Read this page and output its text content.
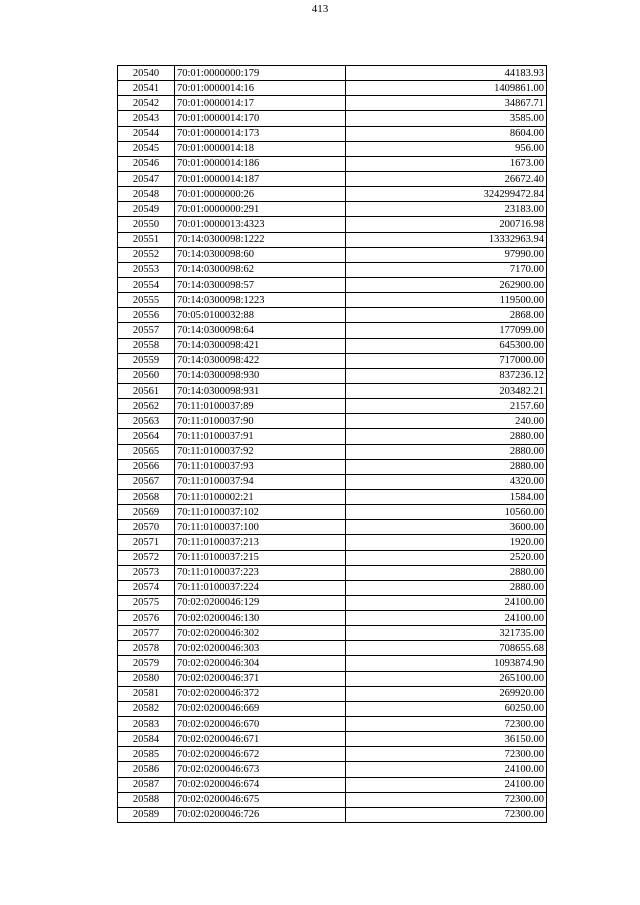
413
20540	70:01:0000000:179	44183.93
20541	70:01:0000014:16	1409861.00
20542	70:01:0000014:17	34867.71
20543	70:01:0000014:170	3585.00
20544	70:01:0000014:173	8604.00
20545	70:01:0000014:18	956.00
20546	70:01:0000014:186	1673.00
20547	70:01:0000014:187	26672.40
20548	70:01:0000000:26	324299472.84
20549	70:01:0000000:291	23183.00
20550	70:01:0000013:4323	200716.98
20551	70:14:0300098:1222	13332963.94
20552	70:14:0300098:60	97990.00
20553	70:14:0300098:62	7170.00
20554	70:14:0300098:57	262900.00
20555	70:14:0300098:1223	119500.00
20556	70:05:0100032:88	2868.00
20557	70:14:0300098:64	177099.00
20558	70:14:0300098:421	645300.00
20559	70:14:0300098:422	717000.00
20560	70:14:0300098:930	837236.12
20561	70:14:0300098:931	203482.21
20562	70:11:0100037:89	2157.60
20563	70:11:0100037:90	240.00
20564	70:11:0100037:91	2880.00
20565	70:11:0100037:92	2880.00
20566	70:11:0100037:93	2880.00
20567	70:11:0100037:94	4320.00
20568	70:11:0100002:21	1584.00
20569	70:11:0100037:102	10560.00
20570	70:11:0100037:100	3600.00
20571	70:11:0100037:213	1920.00
20572	70:11:0100037:215	2520.00
20573	70:11:0100037:223	2880.00
20574	70:11:0100037:224	2880.00
20575	70:02:0200046:129	24100.00
20576	70:02:0200046:130	24100.00
20577	70:02:0200046:302	321735.00
20578	70:02:0200046:303	708655.68
20579	70:02:0200046:304	1093874.90
20580	70:02:0200046:371	265100.00
20581	70:02:0200046:372	269920.00
20582	70:02:0200046:669	60250.00
20583	70:02:0200046:670	72300.00
20584	70:02:0200046:671	36150.00
20585	70:02:0200046:672	72300.00
20586	70:02:0200046:673	24100.00
20587	70:02:0200046:674	24100.00
20588	70:02:0200046:675	72300.00
20589	70:02:0200046:726	72300.00
